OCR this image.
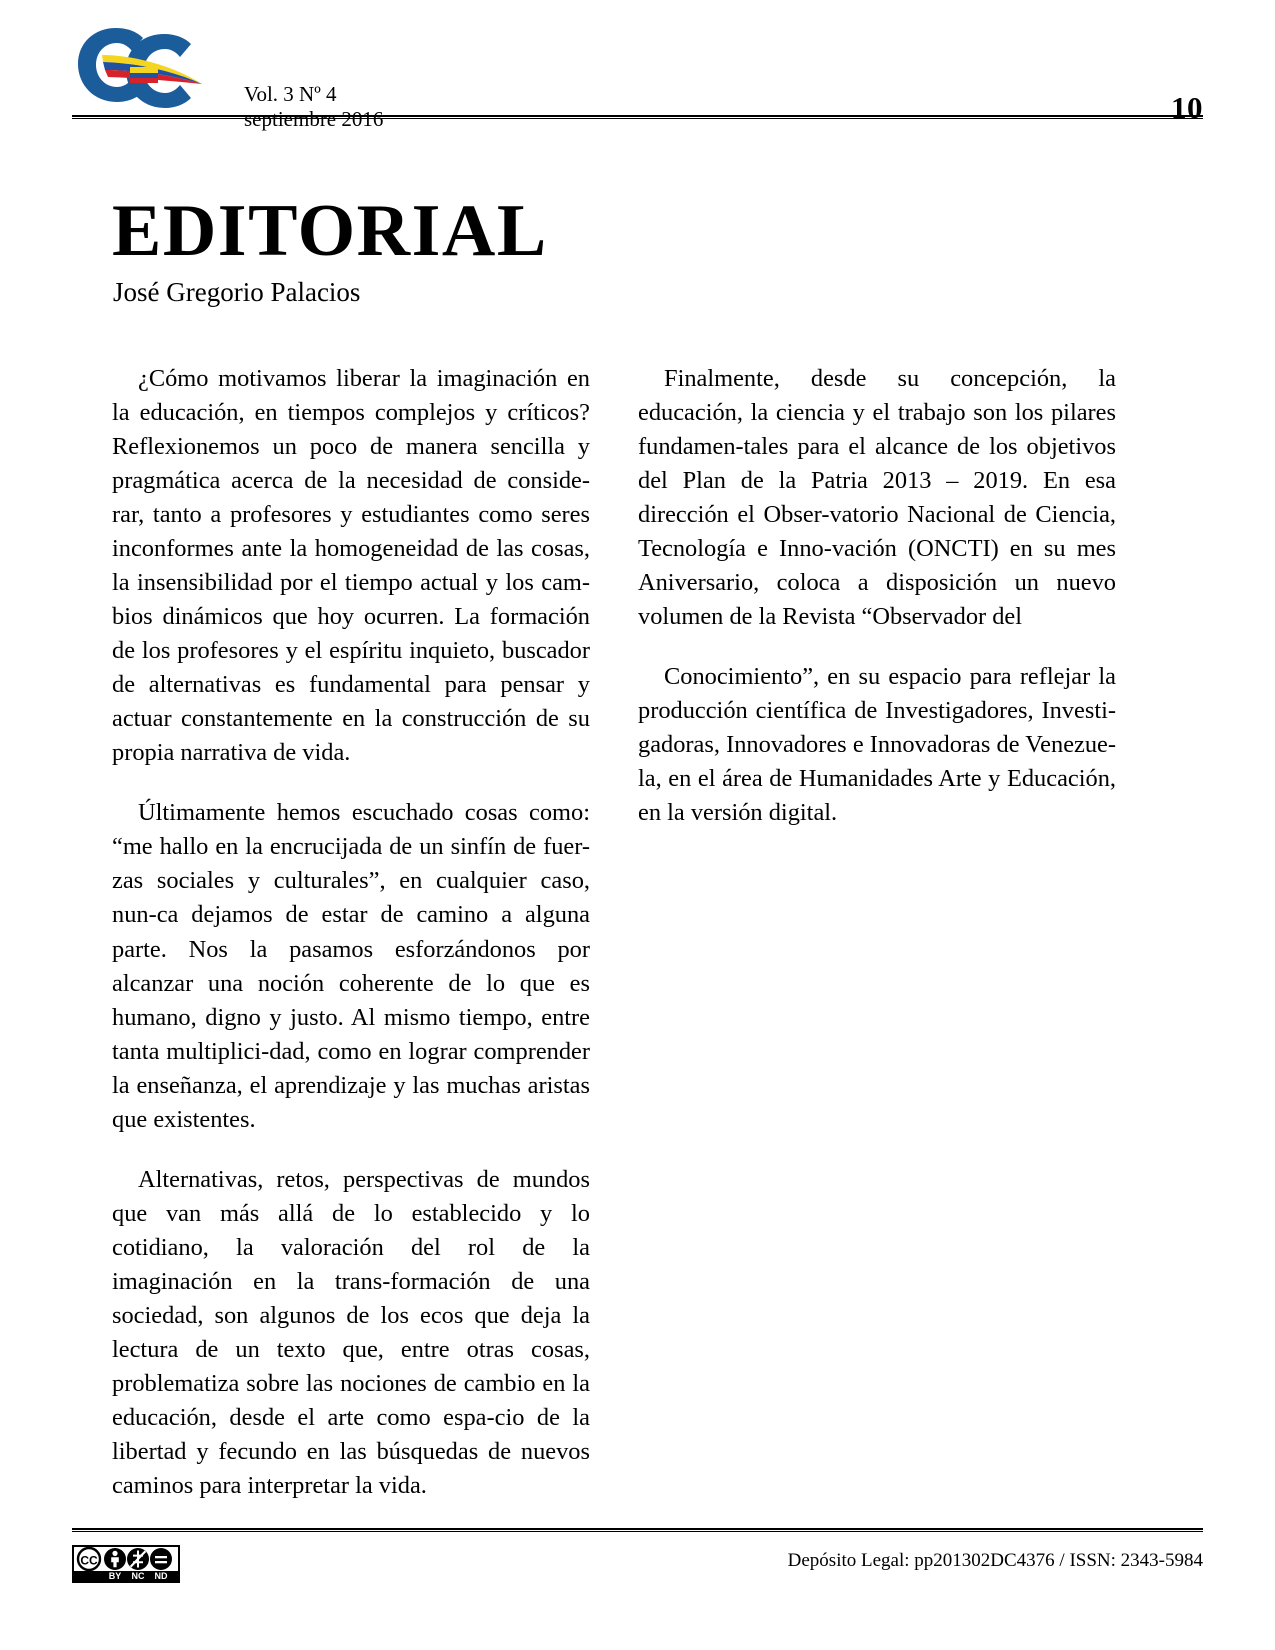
Vol. 3 Nº 4
septiembre 2016	10
EDITORIAL
José Gregorio Palacios

¿Cómo motivamos liberar la imaginación en la educación, en tiempos complejos y críticos? Reflexionemos un poco de manera sencilla y pragmática acerca de la necesidad de conside-rar, tanto a profesores y estudiantes como seres inconformes ante la homogeneidad de las cosas, la insensibilidad por el tiempo actual y los cam-bios dinámicos que hoy ocurren. La formación de los profesores y el espíritu inquieto, buscador de alternativas es fundamental para pensar y actuar constantemente en la construcción de su propia narrativa de vida.

Últimamente hemos escuchado cosas como: “me hallo en la encrucijada de un sinfín de fuer-zas sociales y culturales”, en cualquier caso, nun-ca dejamos de estar de camino a alguna parte. Nos la pasamos esforzándonos por alcanzar una noción coherente de lo que es humano, digno y justo. Al mismo tiempo, entre tanta multiplici-dad, como en lograr comprender la enseñanza, el aprendizaje y las muchas aristas que existentes.

Alternativas, retos, perspectivas de mundos que van más allá de lo establecido y lo cotidiano, la valoración del rol de la imaginación en la trans-formación de una sociedad, son algunos de los ecos que deja la lectura de un texto que, entre otras cosas, problematiza sobre las nociones de cambio en la educación, desde el arte como espa-cio de la libertad y fecundo en las búsquedas de nuevos caminos para interpretar la vida.

Finalmente, desde su concepción, la educación, la ciencia y el trabajo son los pilares fundamen-tales para el alcance de los objetivos del Plan de la Patria 2013 – 2019. En esa dirección el Obser-vatorio Nacional de Ciencia, Tecnología e Inno-vación (ONCTI) en su mes Aniversario, coloca a disposición un nuevo volumen de la Revista “Observador del

Conocimiento”, en su espacio para reflejar la producción científica de Investigadores, Investi-gadoras, Innovadores e Innovadoras de Venezue-la, en el área de Humanidades Arte y Educación, en la versión digital.

CC
BY NC ND
Depósito Legal: pp201302DC4376 / ISSN: 2343-5984
